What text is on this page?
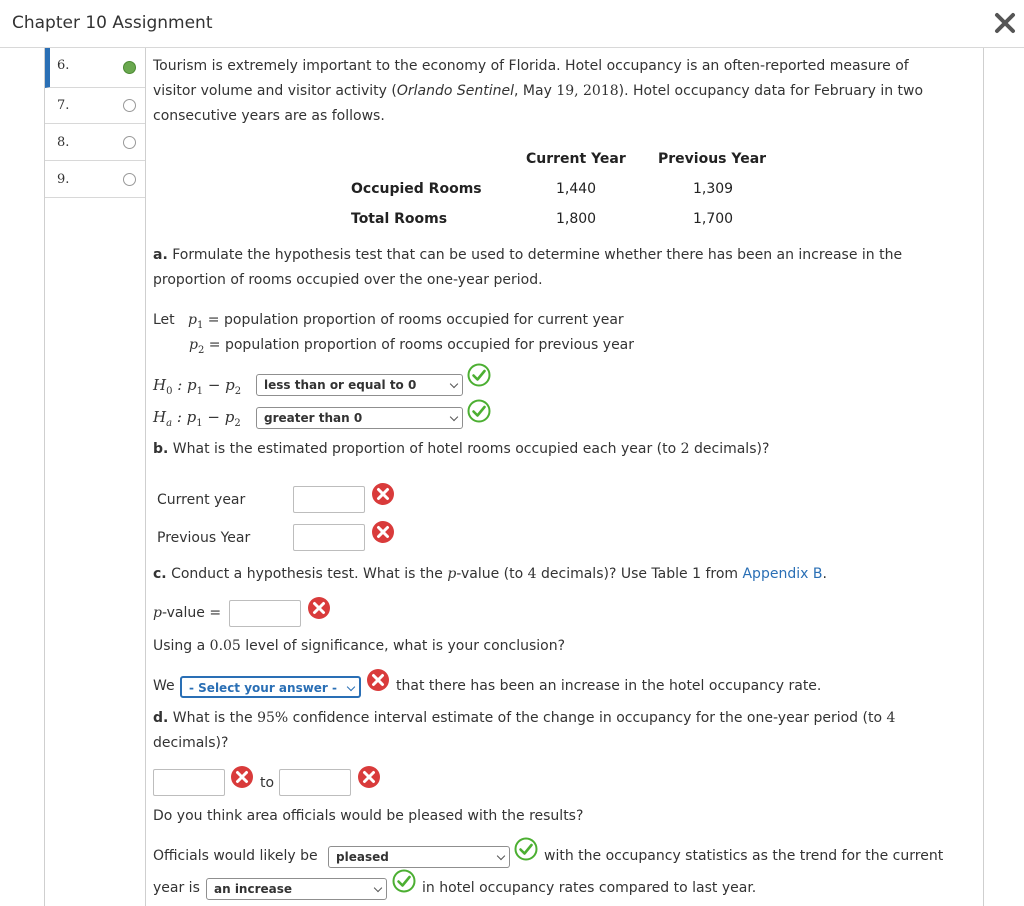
Chapter 10 Assignment
6.
7.
8.
9.
Tourism is extremely important to the economy of Florida. Hotel occupancy is an often-reported measure of
visitor volume and visitor activity (Orlando Sentinel, May 19, 2018). Hotel occupancy data for February in two
consecutive years are as follows.
Current Year Previous Year
Occupied Rooms	1,440	1,309
Total Rooms	1,800	1,700
a. Formulate the hypothesis test that can be used to determine whether there has been an increase in the
proportion of rooms occupied over the one-year period.
Let $p_1$ = population proportion of rooms occupied for current year
$p_2$ = population proportion of rooms occupied for previous year
$H_0$ : $p_1 - p_2$	less than or equal to 0
$H_a$ : $p_1 - p_2$	greater than 0
b. What is the estimated proportion of hotel rooms occupied each year (to 2 decimals)?
Current year
Previous Year
c. Conduct a hypothesis test. What is the p-value (to 4 decimals)? Use Table 1 from Appendix B.
p-value =
Using a 0.05 level of significance, what is your conclusion?
We	- Select your answer -	that there has been an increase in the hotel occupancy rate.
d. What is the 95% confidence interval estimate of the change in occupancy for the one-year period (to 4
decimals)?
to
Do you think area officials would be pleased with the results?
Officials would likely be	pleased	with the occupancy statistics as the trend for the current
year is	an increase	in hotel occupancy rates compared to last year.
